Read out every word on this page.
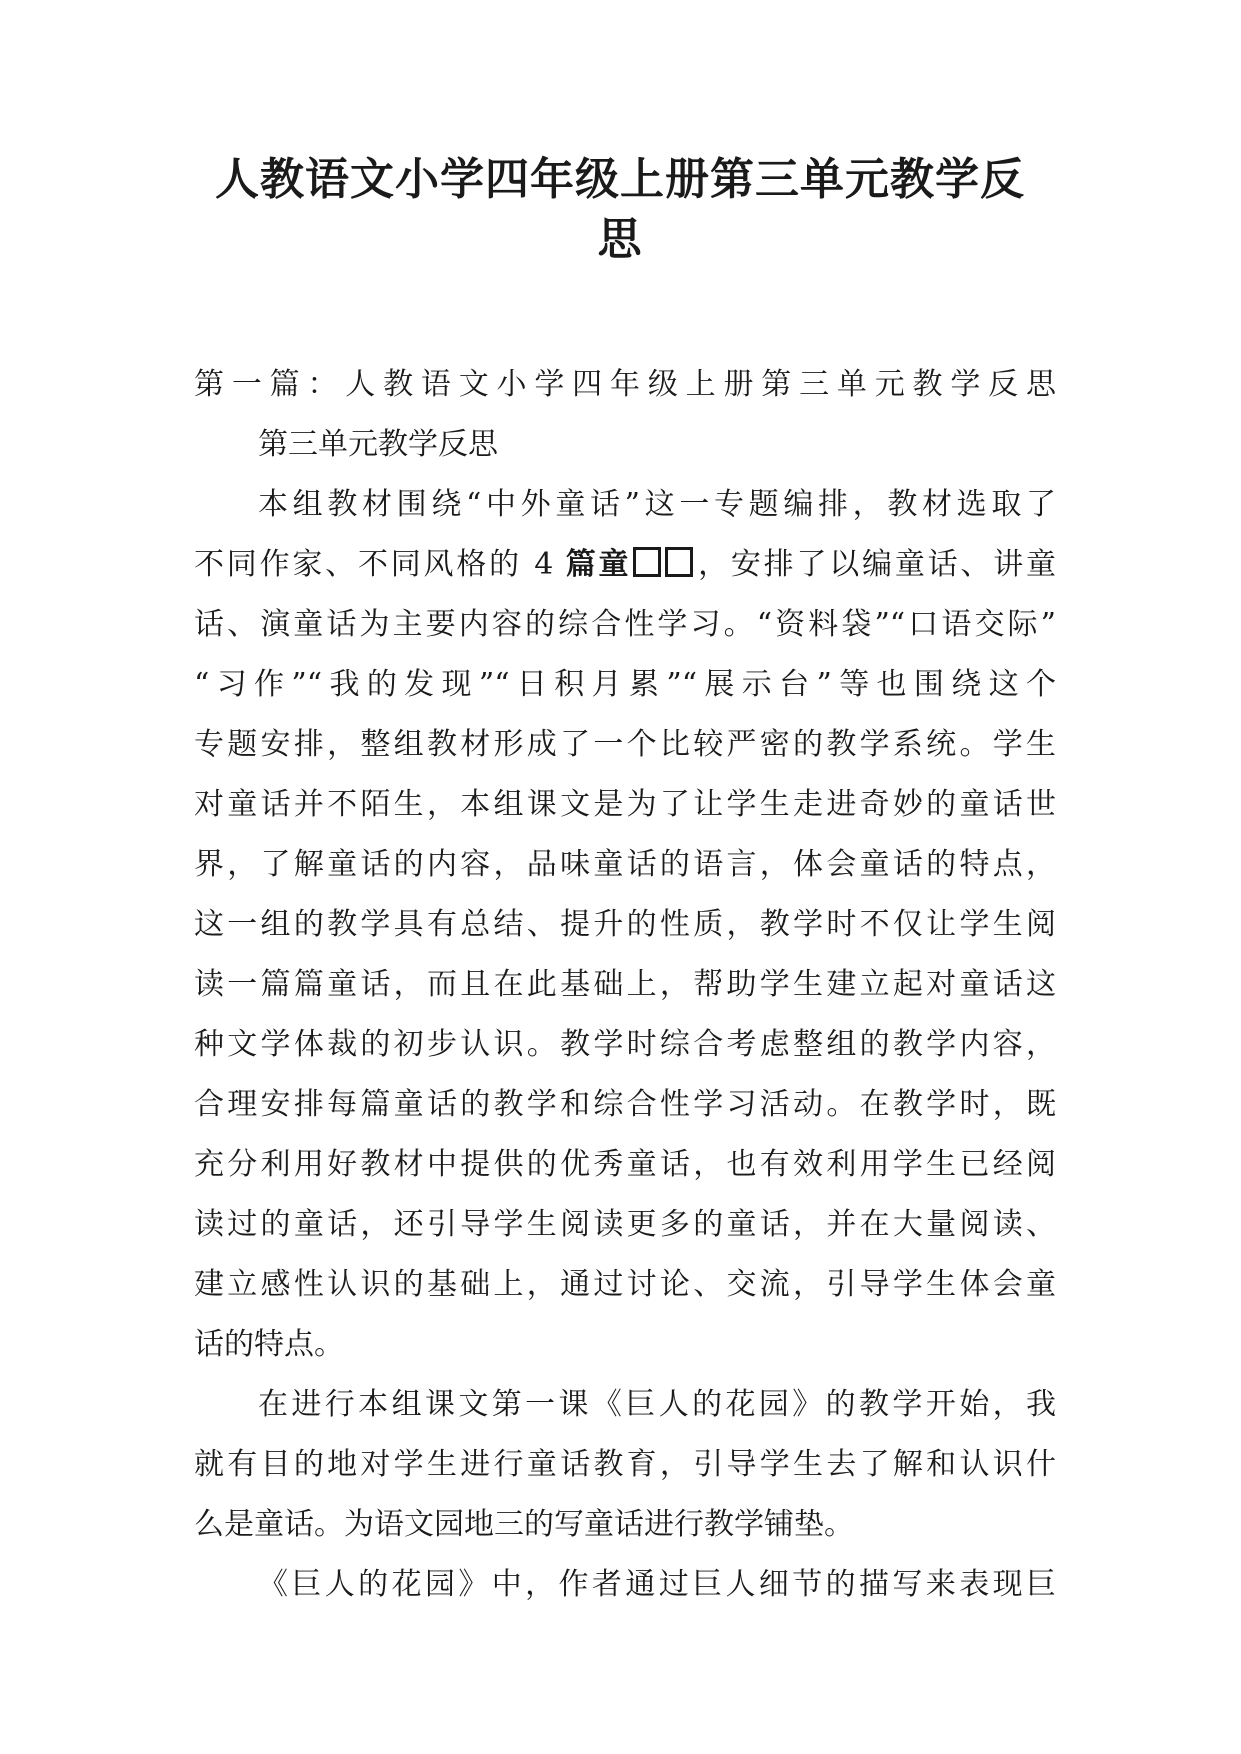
人教语文小学四年级上册第三单元教学反
思
第一篇：人教语文小学四年级上册第三单元教学反思
第三单元教学反思
本组教材围绕“中外童话”这一专题编排，教材选取了
不同作家、不同风格的 4 篇童 ，安排了以编童话、讲童
话、演童话为主要内容的综合性学习。“资料袋”“口语交际”
“习作”“我的发现”“日积月累”“展示台”等也围绕这个
专题安排，整组教材形成了一个比较严密的教学系统。学生
对童话并不陌生，本组课文是为了让学生走进奇妙的童话世
界，了解童话的内容，品味童话的语言，体会童话的特点，
这一组的教学具有总结、提升的性质，教学时不仅让学生阅
读一篇篇童话，而且在此基础上，帮助学生建立起对童话这
种文学体裁的初步认识。教学时综合考虑整组的教学内容，
合理安排每篇童话的教学和综合性学习活动。在教学时，既
充分利用好教材中提供的优秀童话，也有效利用学生已经阅
读过的童话，还引导学生阅读更多的童话，并在大量阅读、
建立感性认识的基础上，通过讨论、交流，引导学生体会童
话的特点。
在进行本组课文第一课《巨人的花园》的教学开始，我
就有目的地对学生进行童话教育，引导学生去了解和认识什
么是童话。为语文园地三的写童话进行教学铺垫。
《巨人的花园》中，作者通过巨人细节的描写来表现巨
